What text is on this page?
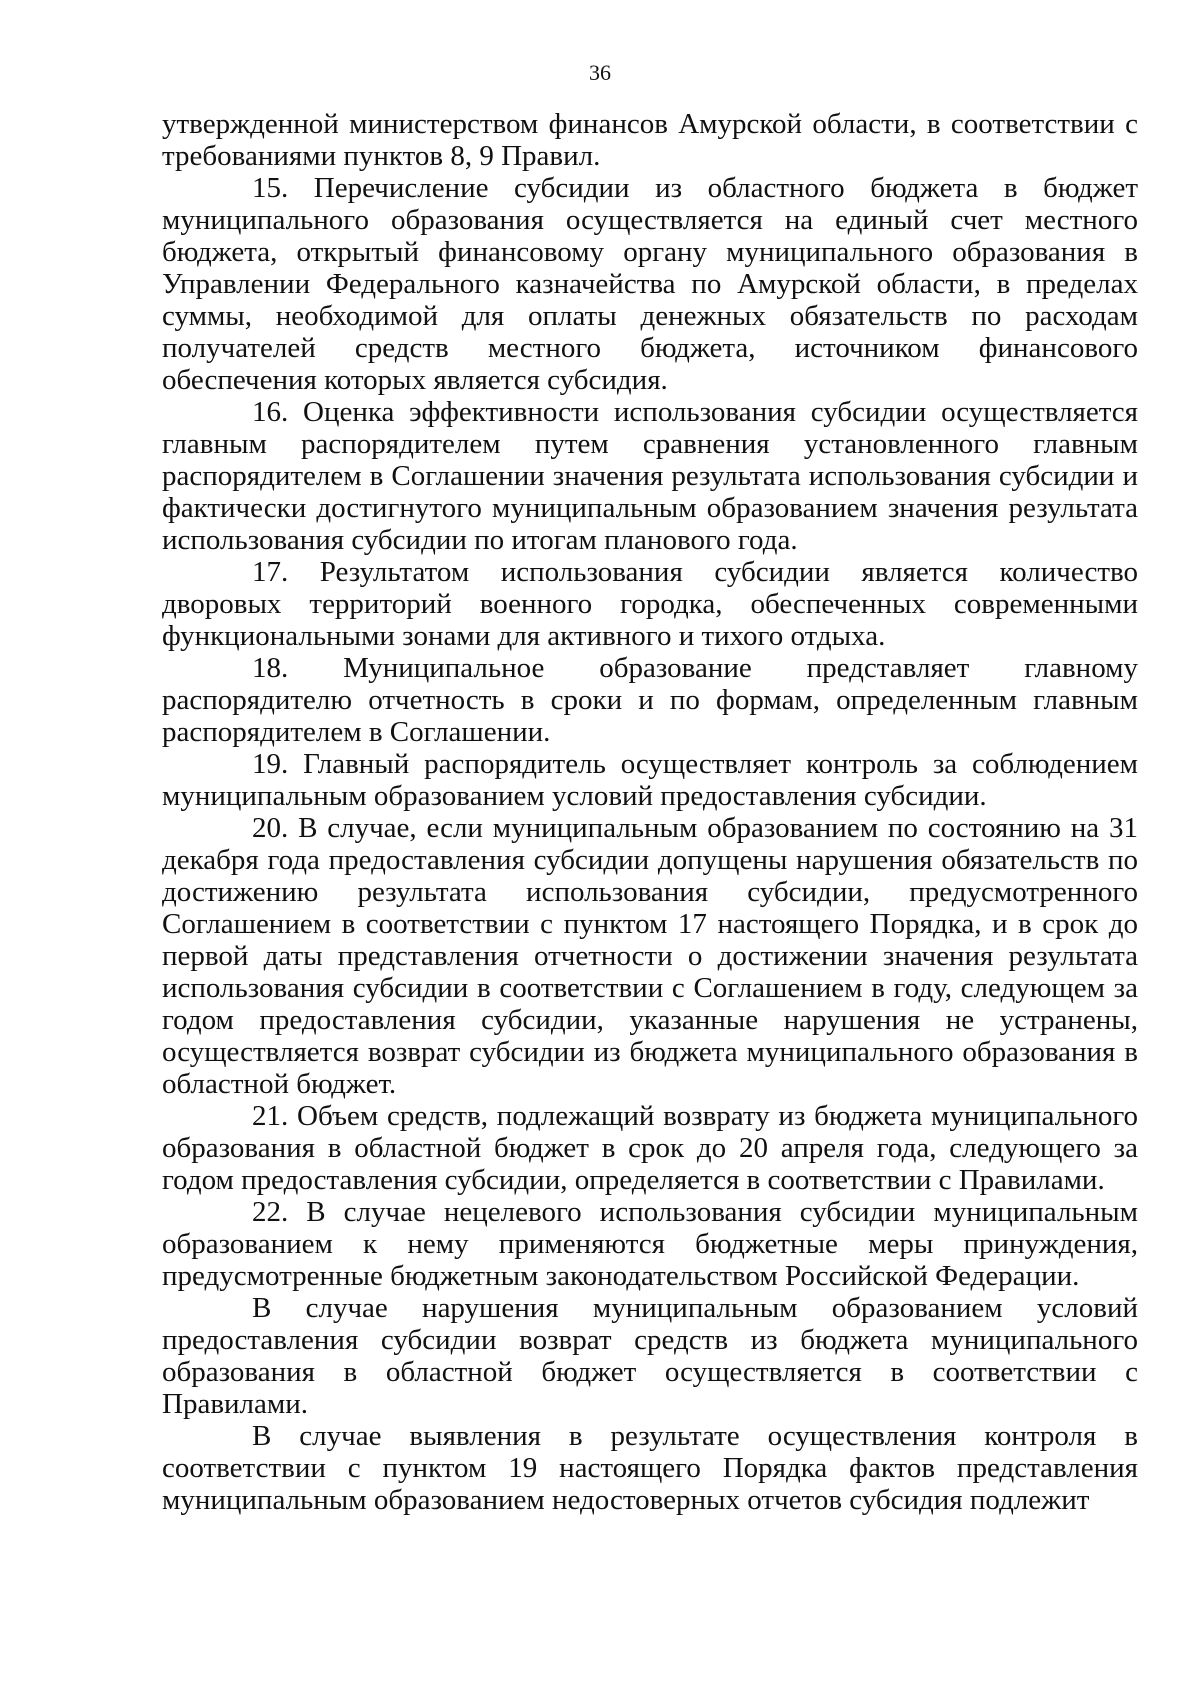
36

утвержденной министерством финансов Амурской области, в соответствии с требованиями пунктов 8, 9 Правил.

15. Перечисление субсидии из областного бюджета в бюджет муниципального образования осуществляется на единый счет местного бюджета, открытый финансовому органу муниципального образования в Управлении Федерального казначейства по Амурской области, в пределах суммы, необходимой для оплаты денежных обязательств по расходам получателей средств местного бюджета, источником финансового обеспечения которых является субсидия.

16. Оценка эффективности использования субсидии осуществляется главным распорядителем путем сравнения установленного главным распорядителем в Соглашении значения результата использования субсидии и фактически достигнутого муниципальным образованием значения результата использования субсидии по итогам планового года.

17. Результатом использования субсидии является количество дворовых территорий военного городка, обеспеченных современными функциональными зонами для активного и тихого отдыха.

18. Муниципальное образование представляет главному распорядителю отчетность в сроки и по формам, определенным главным распорядителем в Соглашении.

19. Главный распорядитель осуществляет контроль за соблюдением муниципальным образованием условий предоставления субсидии.

20. В случае, если муниципальным образованием по состоянию на 31 декабря года предоставления субсидии допущены нарушения обязательств по достижению результата использования субсидии, предусмотренного Соглашением в соответствии с пунктом 17 настоящего Порядка, и в срок до первой даты представления отчетности о достижении значения результата использования субсидии в соответствии с Соглашением в году, следующем за годом предоставления субсидии, указанные нарушения не устранены, осуществляется возврат субсидии из бюджета муниципального образования в областной бюджет.

21. Объем средств, подлежащий возврату из бюджета муниципального образования в областной бюджет в срок до 20 апреля года, следующего за годом предоставления субсидии, определяется в соответствии с Правилами.

22. В случае нецелевого использования субсидии муниципальным образованием к нему применяются бюджетные меры принуждения, предусмотренные бюджетным законодательством Российской Федерации.

В случае нарушения муниципальным образованием условий предоставления субсидии возврат средств из бюджета муниципального образования в областной бюджет осуществляется в соответствии с Правилами.

В случае выявления в результате осуществления контроля в соответствии с пунктом 19 настоящего Порядка фактов представления муниципальным образованием недостоверных отчетов субсидия подлежит
